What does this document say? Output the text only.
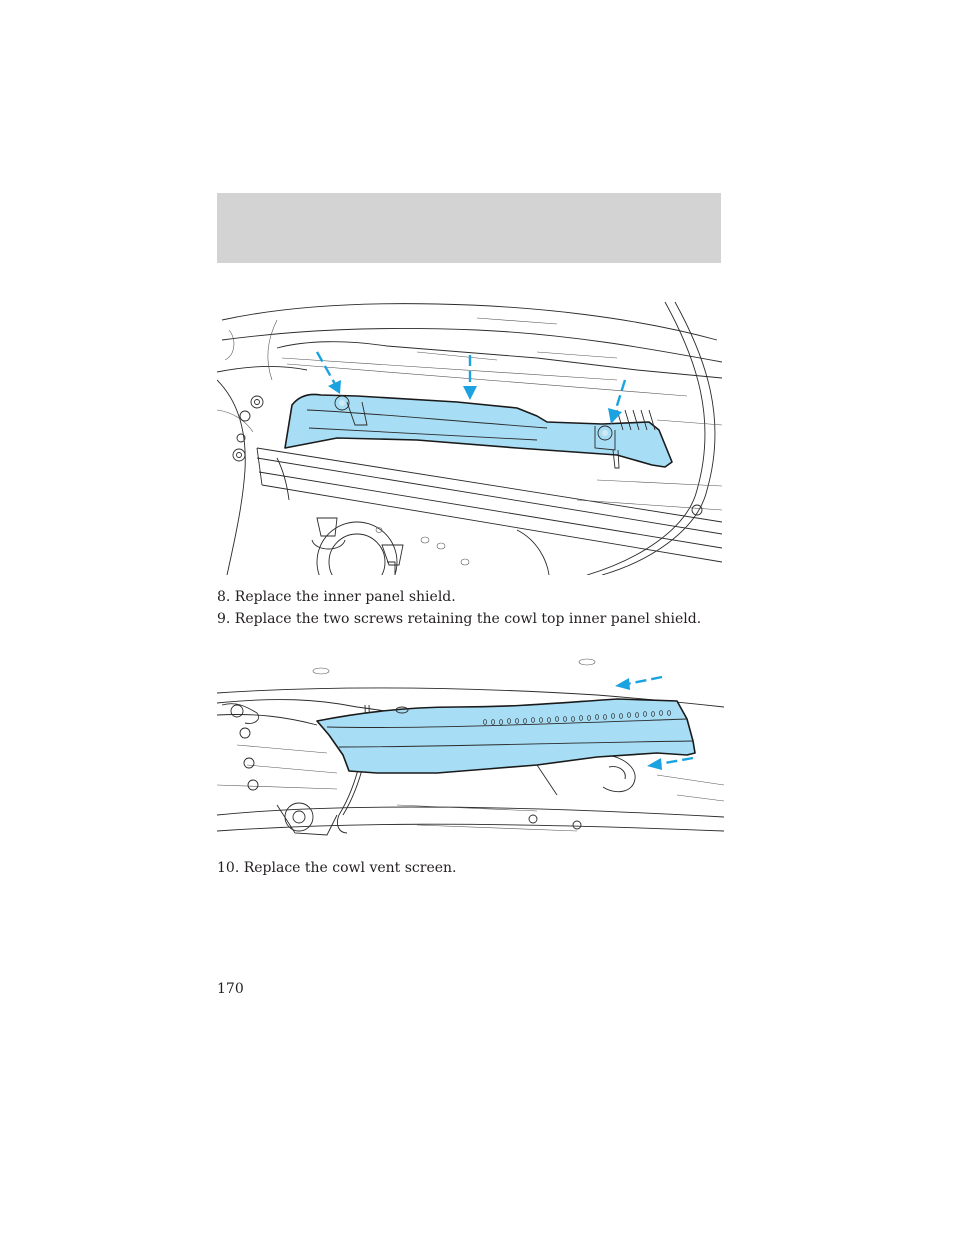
8. Replace the inner panel shield.
9. Replace the two screws retaining the cowl top inner panel shield.
10. Replace the cowl vent screen.
170
